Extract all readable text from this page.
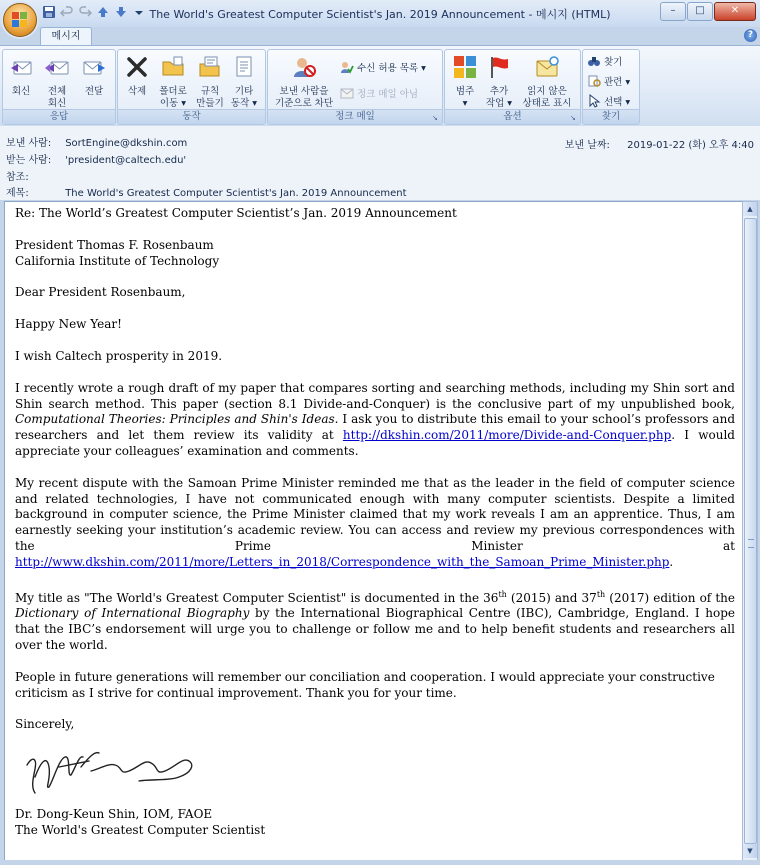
The World's Greatest Computer Scientist's Jan. 2019 Announcement - 메시지 (HTML)	–	□	✕
메시지	?
회신	전체
회신
전달
응답
삭제	폴더로
이동 ▾
규칙
만들기
기타
동작 ▾
동작
보낸 사람을
기준으로 차단
수신 허용 목록 ▾
정크 메일 아님
정크 메일	↘
범주
▾
추가
작업 ▾
읽지 않은
상태로 표시
옵션	↘
찾기
관련 ▾
선택 ▾
찾기
보낸 사람: SortEngine@dkshin.com
받는 사람: 'president@caltech.edu'
참조:
제목:	The World's Greatest Computer Scientist's Jan. 2019 Announcement
보낸 날짜: 2019-01-22 (화) 오후 4:40

Re: The World’s Greatest Computer Scientist’s Jan. 2019 Announcement

President Thomas F. Rosenbaum
California Institute of Technology

Dear President Rosenbaum,

Happy New Year!

I wish Caltech prosperity in 2019.

I recently wrote a rough draft of my paper that compares sorting and searching methods, including my Shin sort and Shin search method. This paper (section 8.1 Divide-and-Conquer) is the conclusive part of my unpublished book, Computational Theories: Principles and Shin's Ideas. I ask you to distribute this email to your school’s professors and researchers and let them review its validity at http://dkshin.com/2011/more/Divide-and-Conquer.php. I would appreciate your colleagues’ examination and comments.

My recent dispute with the Samoan Prime Minister reminded me that as the leader in the field of computer science and related technologies, I have not communicated enough with many computer scientists. Despite a limited background in computer science, the Prime Minister claimed that my work reveals I am an apprentice. Thus, I am earnestly seeking your institution’s academic review. You can access and review my previous correspondences with the Prime Minister at http://www.dkshin.com/2011/more/Letters_in_2018/Correspondence_with_the_Samoan_Prime_Minister.php.

My title as "The World's Greatest Computer Scientist" is documented in the 36th (2015) and 37th (2017) edition of the Dictionary of International Biography by the International Biographical Centre (IBC), Cambridge, England. I hope that the IBC’s endorsement will urge you to challenge or follow me and to help benefit students and researchers all over the world.

People in future generations will remember our conciliation and cooperation. I would appreciate your constructive criticism as I strive for continual improvement. Thank you for your time.

Sincerely,

Dr. Dong-Keun Shin, IOM, FAOE
The World's Greatest Computer Scientist

▲
▼
